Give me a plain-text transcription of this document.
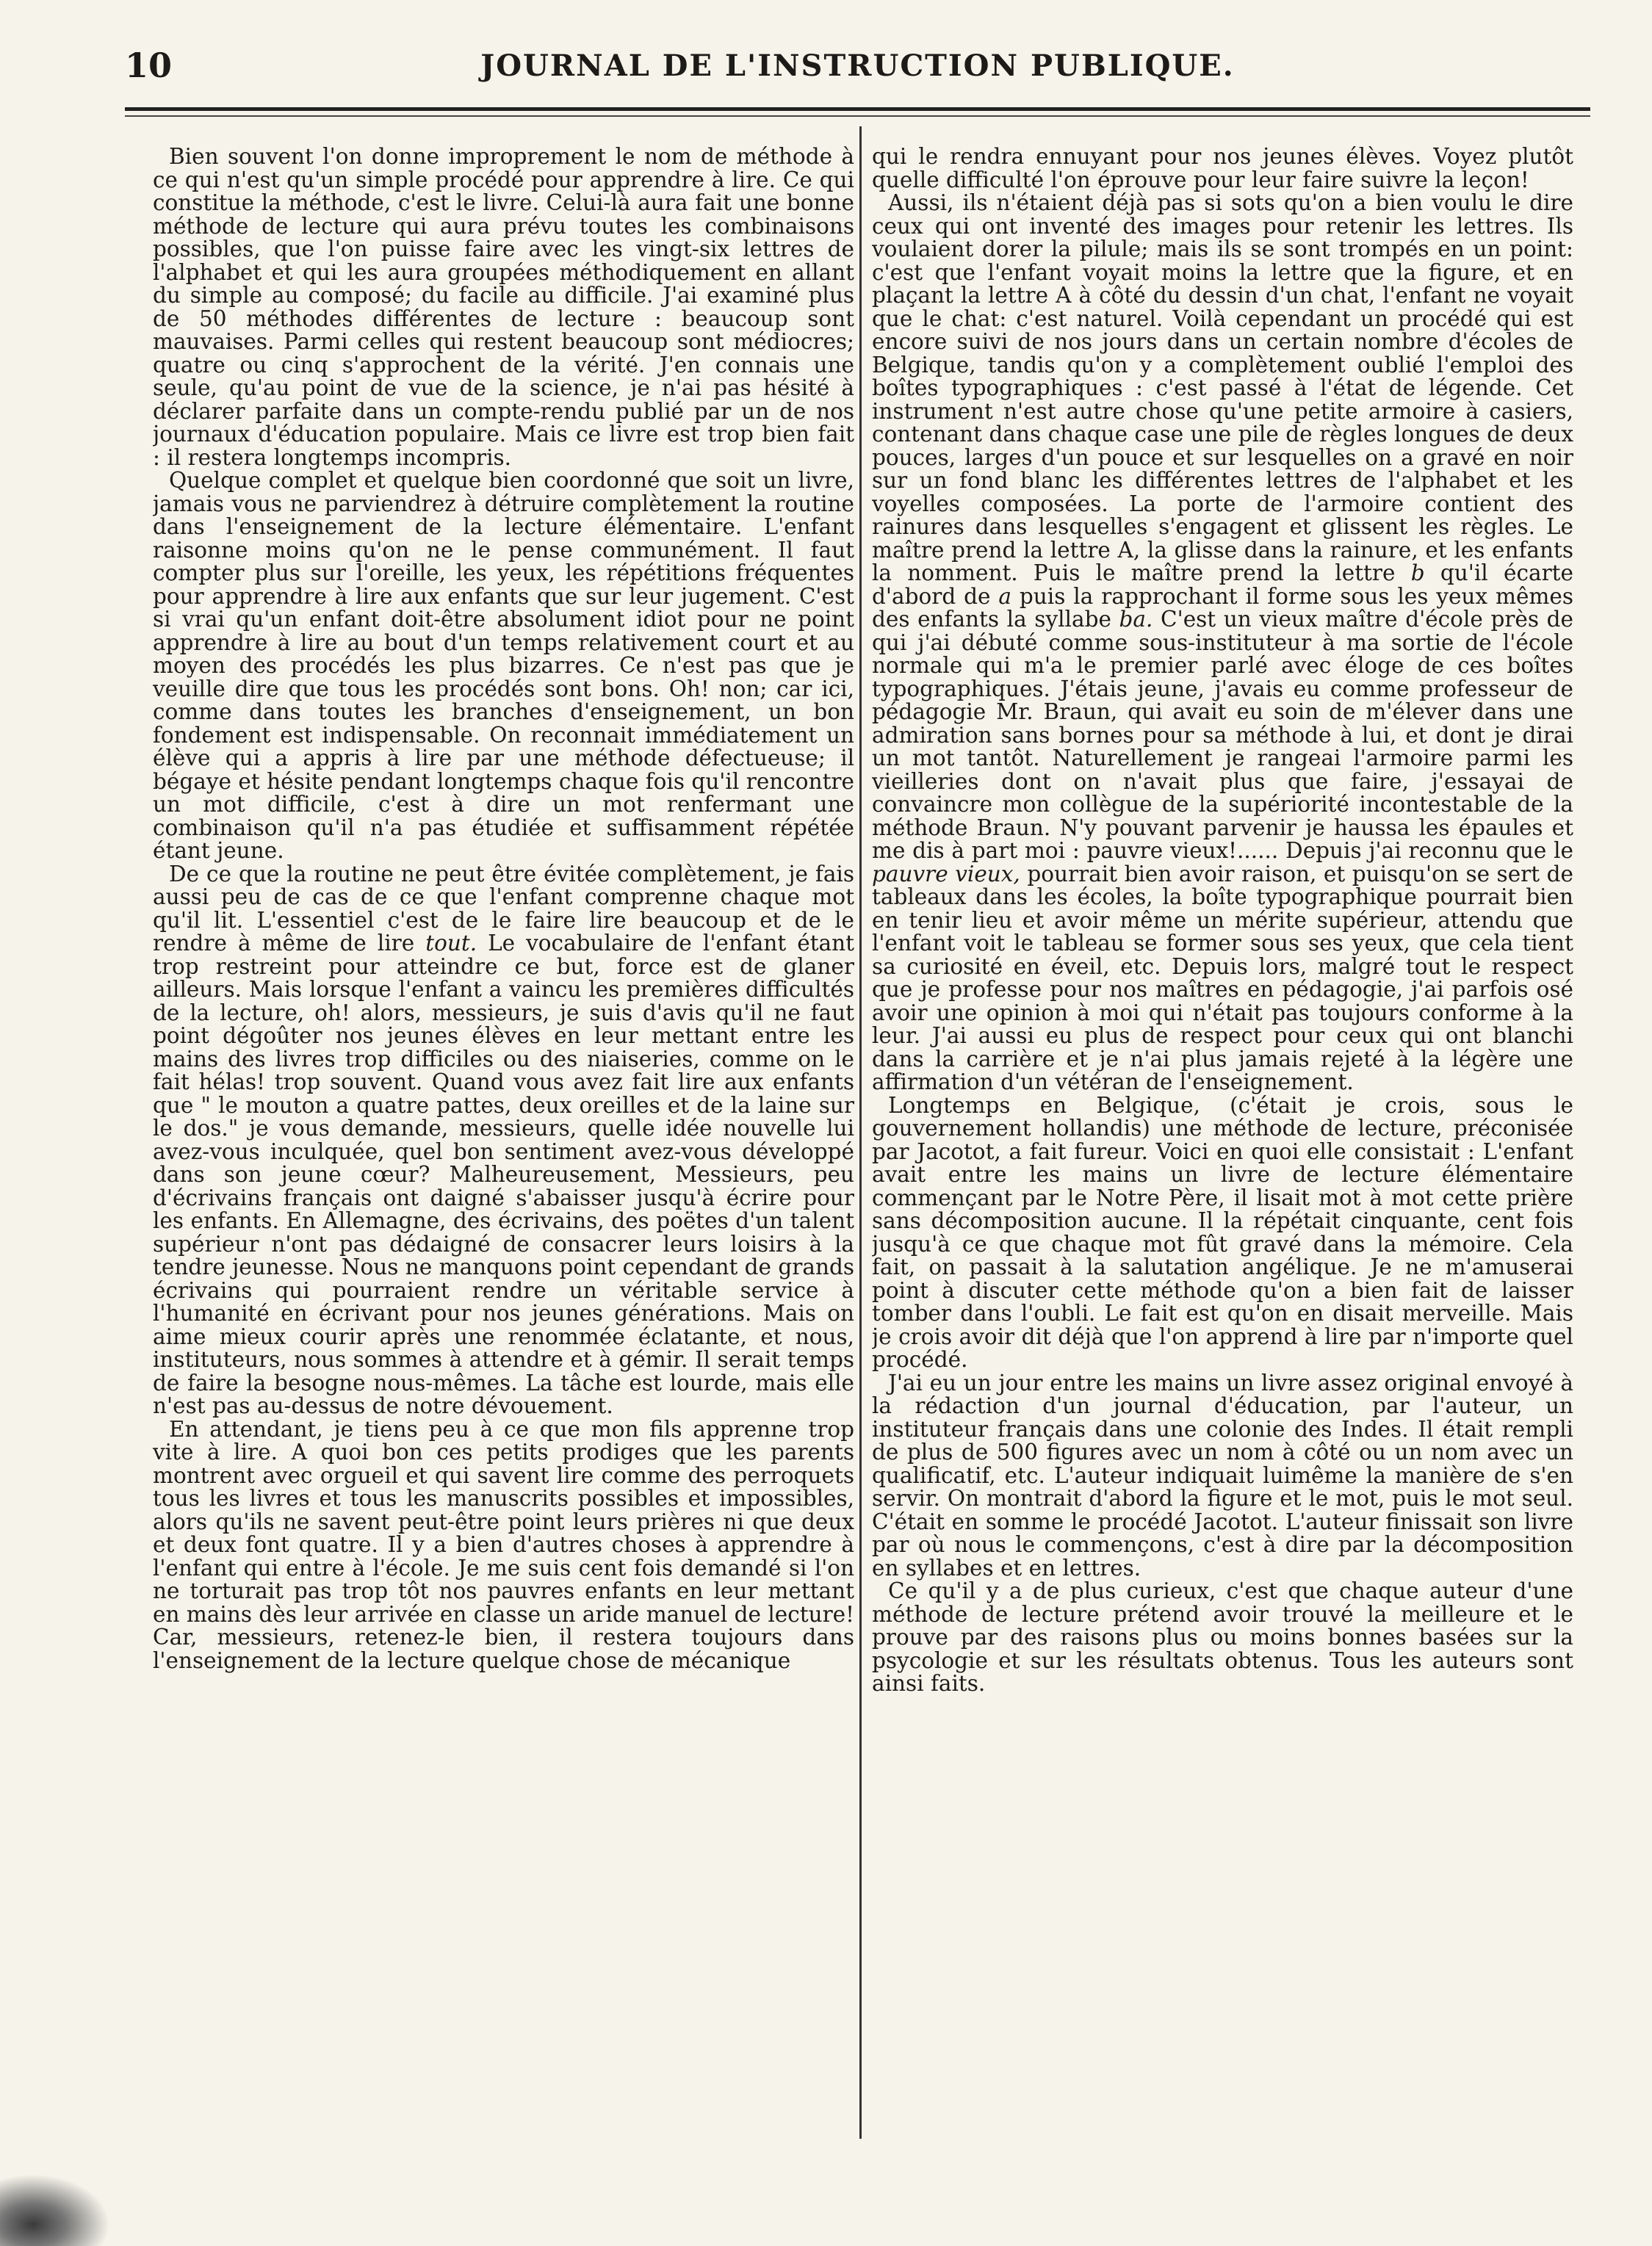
10	JOURNAL DE L'INSTRUCTION PUBLIQUE.

Bien souvent l'on donne improprement le nom de méthode à ce qui n'est qu'un simple procédé pour apprendre à lire. Ce qui constitue la méthode, c'est le livre. Celui-là aura fait une bonne méthode de lecture qui aura prévu toutes les combinaisons possibles, que l'on puisse faire avec les vingt-six lettres de l'alphabet et qui les aura groupées méthodiquement en allant du simple au composé; du facile au difficile. J'ai examiné plus de 50 méthodes différentes de lecture : beaucoup sont mauvaises. Parmi celles qui restent beaucoup sont médiocres; quatre ou cinq s'approchent de la vérité. J'en connais une seule, qu'au point de vue de la science, je n'ai pas hésité à déclarer parfaite dans un compte-rendu publié par un de nos journaux d'éducation populaire. Mais ce livre est trop bien fait : il restera longtemps incompris.

Quelque complet et quelque bien coordonné que soit un livre, jamais vous ne parviendrez à détruire complètement la routine dans l'enseignement de la lecture élémentaire. L'enfant raisonne moins qu'on ne le pense communément. Il faut compter plus sur l'oreille, les yeux, les répétitions fréquentes pour apprendre à lire aux enfants que sur leur jugement. C'est si vrai qu'un enfant doit-être absolument idiot pour ne point apprendre à lire au bout d'un temps relativement court et au moyen des procédés les plus bizarres. Ce n'est pas que je veuille dire que tous les procédés sont bons. Oh! non; car ici, comme dans toutes les branches d'enseignement, un bon fondement est indispensable. On reconnait immédiatement un élève qui a appris à lire par une méthode défectueuse; il bégaye et hésite pendant longtemps chaque fois qu'il rencontre un mot difficile, c'est à dire un mot renfermant une combinaison qu'il n'a pas étudiée et suffisamment répétée étant jeune.

De ce que la routine ne peut être évitée complètement, je fais aussi peu de cas de ce que l'enfant comprenne chaque mot qu'il lit. L'essentiel c'est de le faire lire beaucoup et de le rendre à même de lire tout. Le vocabulaire de l'enfant étant trop restreint pour atteindre ce but, force est de glaner ailleurs. Mais lorsque l'enfant a vaincu les premières difficultés de la lecture, oh! alors, messieurs, je suis d'avis qu'il ne faut point dégoûter nos jeunes élèves en leur mettant entre les mains des livres trop difficiles ou des niaiseries, comme on le fait hélas! trop souvent. Quand vous avez fait lire aux enfants que " le mouton a quatre pattes, deux oreilles et de la laine sur le dos." je vous demande, messieurs, quelle idée nouvelle lui avez-vous inculquée, quel bon sentiment avez-vous développé dans son jeune cœur? Malheureusement, Messieurs, peu d'écrivains français ont daigné s'abaisser jusqu'à écrire pour les enfants. En Allemagne, des écrivains, des poëtes d'un talent supérieur n'ont pas dédaigné de consacrer leurs loisirs à la tendre jeunesse. Nous ne manquons point cependant de grands écrivains qui pourraient rendre un véritable service à l'humanité en écrivant pour nos jeunes générations. Mais on aime mieux courir après une renommée éclatante, et nous, instituteurs, nous sommes à attendre et à gémir. Il serait temps de faire la besogne nous-mêmes. La tâche est lourde, mais elle n'est pas au-dessus de notre dévouement.

En attendant, je tiens peu à ce que mon fils apprenne trop vite à lire. A quoi bon ces petits prodiges que les parents montrent avec orgueil et qui savent lire comme des perroquets tous les livres et tous les manuscrits possibles et impossibles, alors qu'ils ne savent peut-être point leurs prières ni que deux et deux font quatre. Il y a bien d'autres choses à apprendre à l'enfant qui entre à l'école. Je me suis cent fois demandé si l'on ne torturait pas trop tôt nos pauvres enfants en leur mettant en mains dès leur arrivée en classe un aride manuel de lecture! Car, messieurs, retenez-le bien, il restera toujours dans l'enseignement de la lecture quelque chose de mécanique

qui le rendra ennuyant pour nos jeunes élèves. Voyez plutôt quelle difficulté l'on éprouve pour leur faire suivre la leçon!

Aussi, ils n'étaient déjà pas si sots qu'on a bien voulu le dire ceux qui ont inventé des images pour retenir les lettres. Ils voulaient dorer la pilule; mais ils se sont trompés en un point: c'est que l'enfant voyait moins la lettre que la figure, et en plaçant la lettre A à côté du dessin d'un chat, l'enfant ne voyait que le chat: c'est naturel. Voilà cependant un procédé qui est encore suivi de nos jours dans un certain nombre d'écoles de Belgique, tandis qu'on y a complètement oublié l'emploi des boîtes typographiques : c'est passé à l'état de légende. Cet instrument n'est autre chose qu'une petite armoire à casiers, contenant dans chaque case une pile de règles longues de deux pouces, larges d'un pouce et sur lesquelles on a gravé en noir sur un fond blanc les différentes lettres de l'alphabet et les voyelles composées. La porte de l'armoire contient des rainures dans lesquelles s'engagent et glissent les règles. Le maître prend la lettre A, la glisse dans la rainure, et les enfants la nomment. Puis le maître prend la lettre b qu'il écarte d'abord de a puis la rapprochant il forme sous les yeux mêmes des enfants la syllabe ba. C'est un vieux maître d'école près de qui j'ai débuté comme sous-instituteur à ma sortie de l'école normale qui m'a le premier parlé avec éloge de ces boîtes typographiques. J'étais jeune, j'avais eu comme professeur de pédagogie Mr. Braun, qui avait eu soin de m'élever dans une admiration sans bornes pour sa méthode à lui, et dont je dirai un mot tantôt. Naturellement je rangeai l'armoire parmi les vieilleries dont on n'avait plus que faire, j'essayai de convaincre mon collègue de la supériorité incontestable de la méthode Braun. N'y pouvant parvenir je haussa les épaules et me dis à part moi : pauvre vieux!...... Depuis j'ai reconnu que le pauvre vieux, pourrait bien avoir raison, et puisqu'on se sert de tableaux dans les écoles, la boîte typographique pourrait bien en tenir lieu et avoir même un mérite supérieur, attendu que l'enfant voit le tableau se former sous ses yeux, que cela tient sa curiosité en éveil, etc. Depuis lors, malgré tout le respect que je professe pour nos maîtres en pédagogie, j'ai parfois osé avoir une opinion à moi qui n'était pas toujours conforme à la leur. J'ai aussi eu plus de respect pour ceux qui ont blanchi dans la carrière et je n'ai plus jamais rejeté à la légère une affirmation d'un vétéran de l'enseignement.

Longtemps en Belgique, (c'était je crois, sous le gouvernement hollandis) une méthode de lecture, préconisée par Jacotot, a fait fureur. Voici en quoi elle consistait : L'enfant avait entre les mains un livre de lecture élémentaire commençant par le Notre Père, il lisait mot à mot cette prière sans décomposition aucune. Il la répétait cinquante, cent fois jusqu'à ce que chaque mot fût gravé dans la mémoire. Cela fait, on passait à la salutation angélique. Je ne m'amuserai point à discuter cette méthode qu'on a bien fait de laisser tomber dans l'oubli. Le fait est qu'on en disait merveille. Mais je crois avoir dit déjà que l'on apprend à lire par n'importe quel procédé.

J'ai eu un jour entre les mains un livre assez original envoyé à la rédaction d'un journal d'éducation, par l'auteur, un instituteur français dans une colonie des Indes. Il était rempli de plus de 500 figures avec un nom à côté ou un nom avec un qualificatif, etc. L'auteur indiquait luimême la manière de s'en servir. On montrait d'abord la figure et le mot, puis le mot seul. C'était en somme le procédé Jacotot. L'auteur finissait son livre par où nous le commençons, c'est à dire par la décomposition en syllabes et en lettres.

Ce qu'il y a de plus curieux, c'est que chaque auteur d'une méthode de lecture prétend avoir trouvé la meilleure et le prouve par des raisons plus ou moins bonnes basées sur la psycologie et sur les résultats obtenus. Tous les auteurs sont ainsi faits.
